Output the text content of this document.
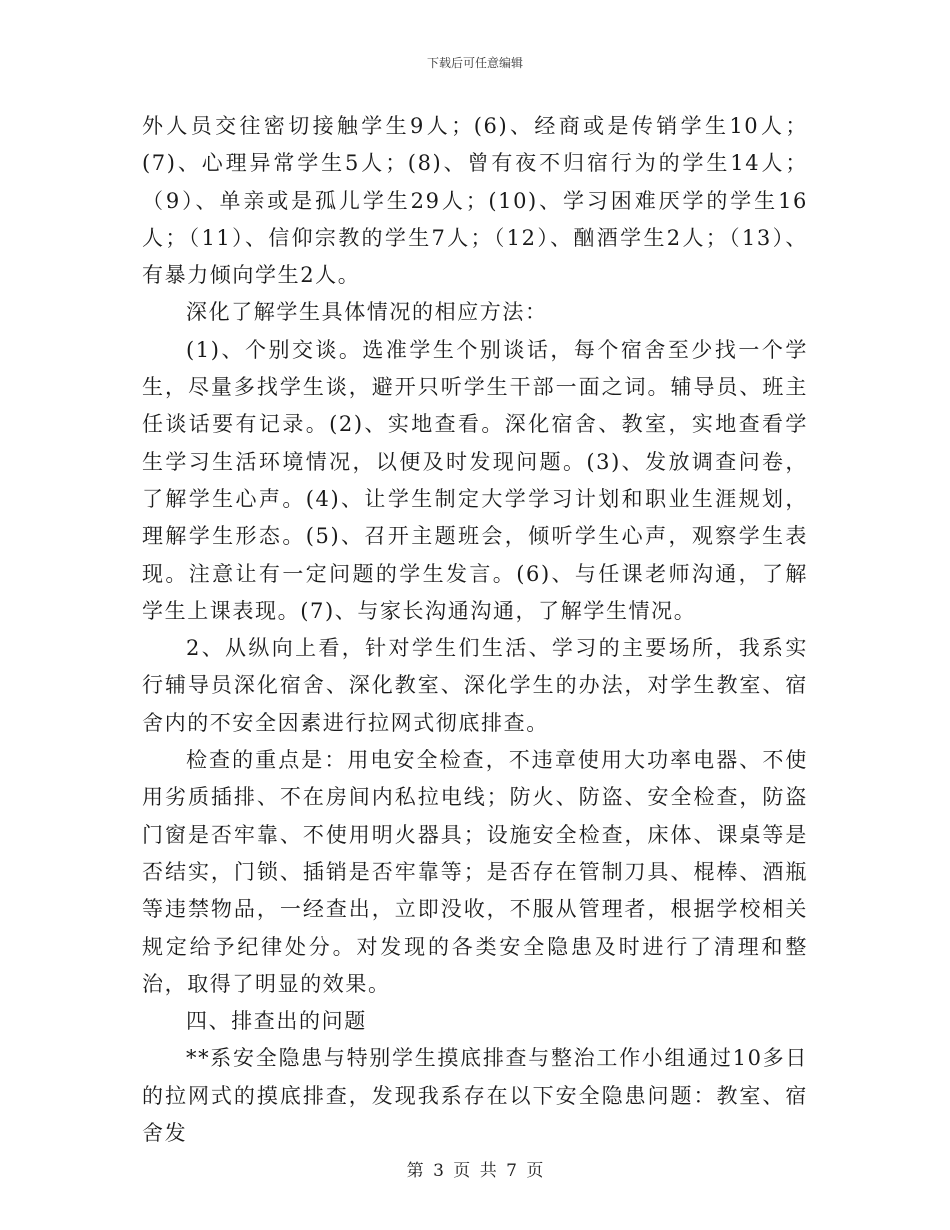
下载后可任意编辑

外人员交往密切接触学生9人；(6)、经商或是传销学生10人；(7)、心理异常学生5人；(8)、曾有夜不归宿行为的学生14人；（9）、单亲或是孤儿学生29人；(10)、学习困难厌学的学生16人；（11）、信仰宗教的学生7人；（12）、酗酒学生2人；（13）、有暴力倾向学生2人。

深化了解学生具体情况的相应方法：

(1)、个别交谈。选准学生个别谈话，每个宿舍至少找一个学生，尽量多找学生谈，避开只听学生干部一面之词。辅导员、班主任谈话要有记录。(2)、实地查看。深化宿舍、教室，实地查看学生学习生活环境情况，以便及时发现问题。(3)、发放调查问卷，了解学生心声。(4)、让学生制定大学学习计划和职业生涯规划，理解学生形态。(5)、召开主题班会，倾听学生心声，观察学生表现。注意让有一定问题的学生发言。(6)、与任课老师沟通，了解学生上课表现。(7)、与家长沟通沟通，了解学生情况。

2、从纵向上看，针对学生们生活、学习的主要场所，我系实行辅导员深化宿舍、深化教室、深化学生的办法，对学生教室、宿舍内的不安全因素进行拉网式彻底排查。

检查的重点是：用电安全检查，不违章使用大功率电器、不使用劣质插排、不在房间内私拉电线；防火、防盗、安全检查，防盗门窗是否牢靠、不使用明火器具；设施安全检查，床体、课桌等是否结实，门锁、插销是否牢靠等；是否存在管制刀具、棍棒、酒瓶等违禁物品，一经查出，立即没收，不服从管理者，根据学校相关规定给予纪律处分。对发现的各类安全隐患及时进行了清理和整治，取得了明显的效果。

四、排查出的问题

**系安全隐患与特别学生摸底排查与整治工作小组通过10多日的拉网式的摸底排查，发现我系存在以下安全隐患问题：教室、宿舍发

第 3 页 共 7 页
